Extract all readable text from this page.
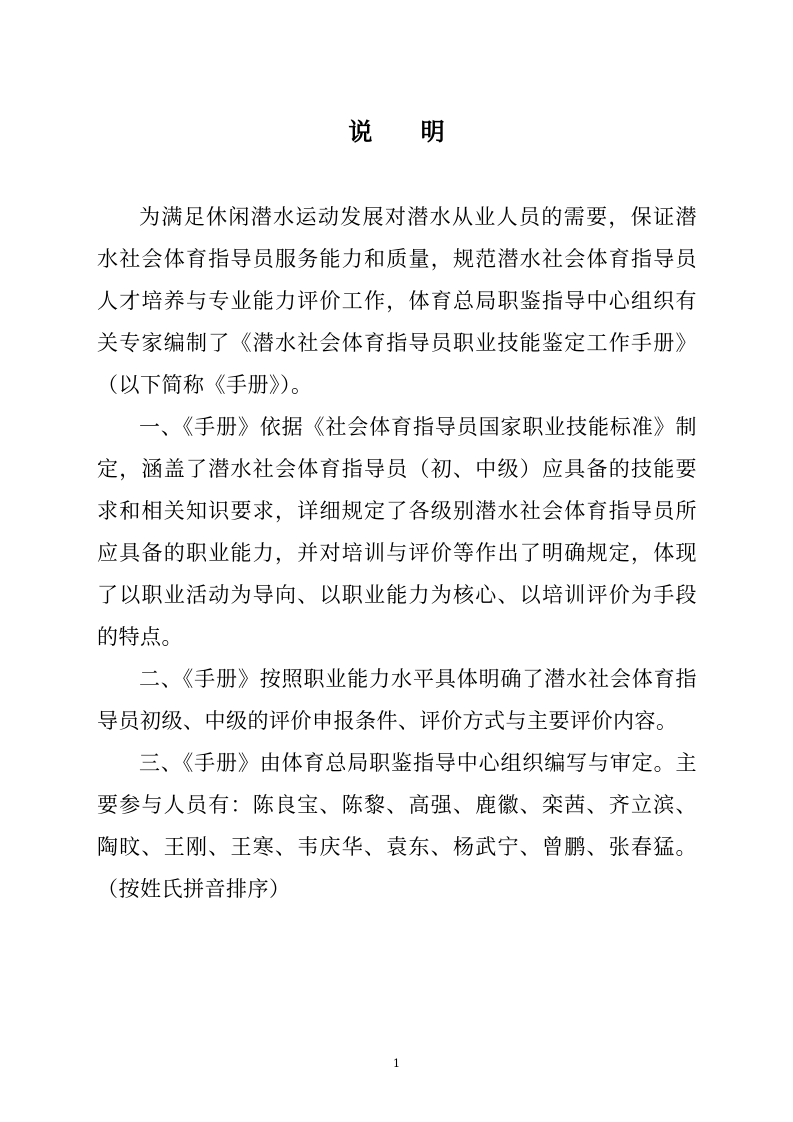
说 明

为满足休闲潜水运动发展对潜水从业人员的需要，保证潜水社会体育指导员服务能力和质量，规范潜水社会体育指导员人才培养与专业能力评价工作，体育总局职鉴指导中心组织有关专家编制了《潜水社会体育指导员职业技能鉴定工作手册》（以下简称《手册》）。

一、《手册》依据《社会体育指导员国家职业技能标准》制定，涵盖了潜水社会体育指导员（初、中级）应具备的技能要求和相关知识要求，详细规定了各级别潜水社会体育指导员所应具备的职业能力，并对培训与评价等作出了明确规定，体现了以职业活动为导向、以职业能力为核心、以培训评价为手段的特点。

二、《手册》按照职业能力水平具体明确了潜水社会体育指导员初级、中级的评价申报条件、评价方式与主要评价内容。

三、《手册》由体育总局职鉴指导中心组织编写与审定。主要参与人员有：陈良宝、陈黎、高强、鹿徽、栾茜、齐立滨、陶旼、王刚、王寒、韦庆华、袁东、杨武宁、曾鹏、张春猛。（按姓氏拼音排序）

1
